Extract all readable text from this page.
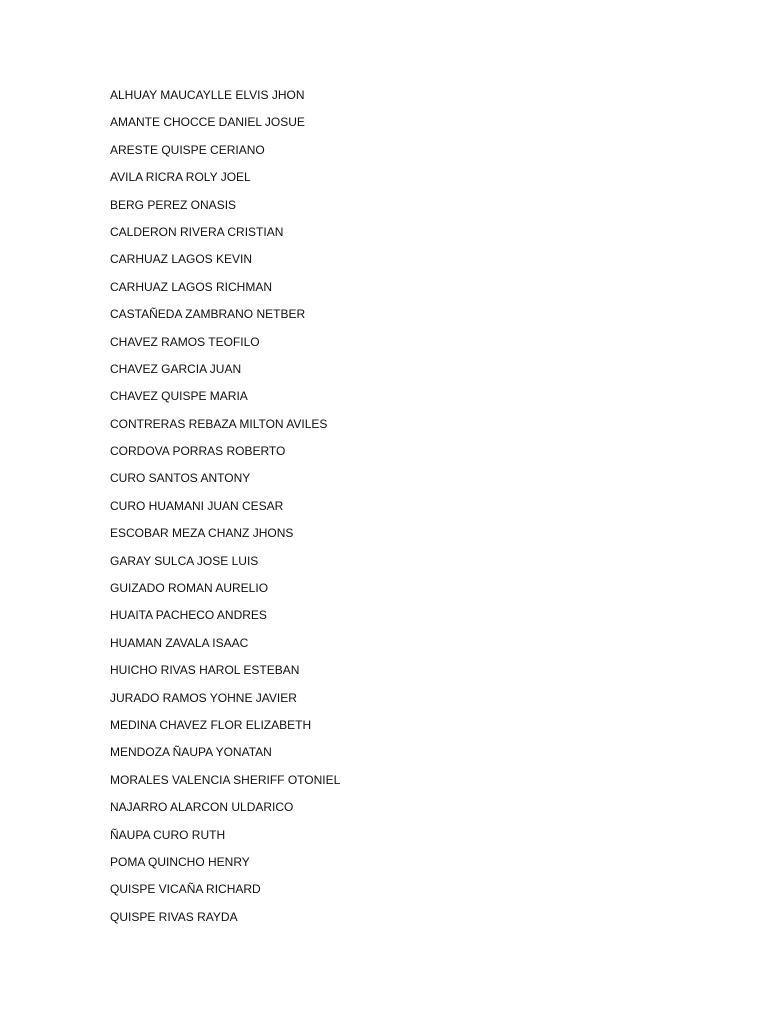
ALHUAY MAUCAYLLE ELVIS JHON
AMANTE CHOCCE DANIEL JOSUE
ARESTE QUISPE CERIANO
AVILA RICRA ROLY JOEL
BERG PEREZ ONASIS
CALDERON RIVERA CRISTIAN
CARHUAZ LAGOS KEVIN
CARHUAZ LAGOS RICHMAN
CASTAÑEDA ZAMBRANO NETBER
CHAVEZ RAMOS TEOFILO
CHAVEZ GARCIA JUAN
CHAVEZ QUISPE MARIA
CONTRERAS REBAZA MILTON AVILES
CORDOVA PORRAS ROBERTO
CURO SANTOS ANTONY
CURO HUAMANI JUAN CESAR
ESCOBAR MEZA CHANZ JHONS
GARAY SULCA JOSE LUIS
GUIZADO ROMAN AURELIO
HUAITA PACHECO ANDRES
HUAMAN ZAVALA ISAAC
HUICHO RIVAS HAROL ESTEBAN
JURADO RAMOS YOHNE JAVIER
MEDINA CHAVEZ FLOR ELIZABETH
MENDOZA ÑAUPA YONATAN
MORALES VALENCIA SHERIFF OTONIEL
NAJARRO ALARCON ULDARICO
ÑAUPA CURO RUTH
POMA QUINCHO HENRY
QUISPE VICAÑA RICHARD
QUISPE RIVAS RAYDA
